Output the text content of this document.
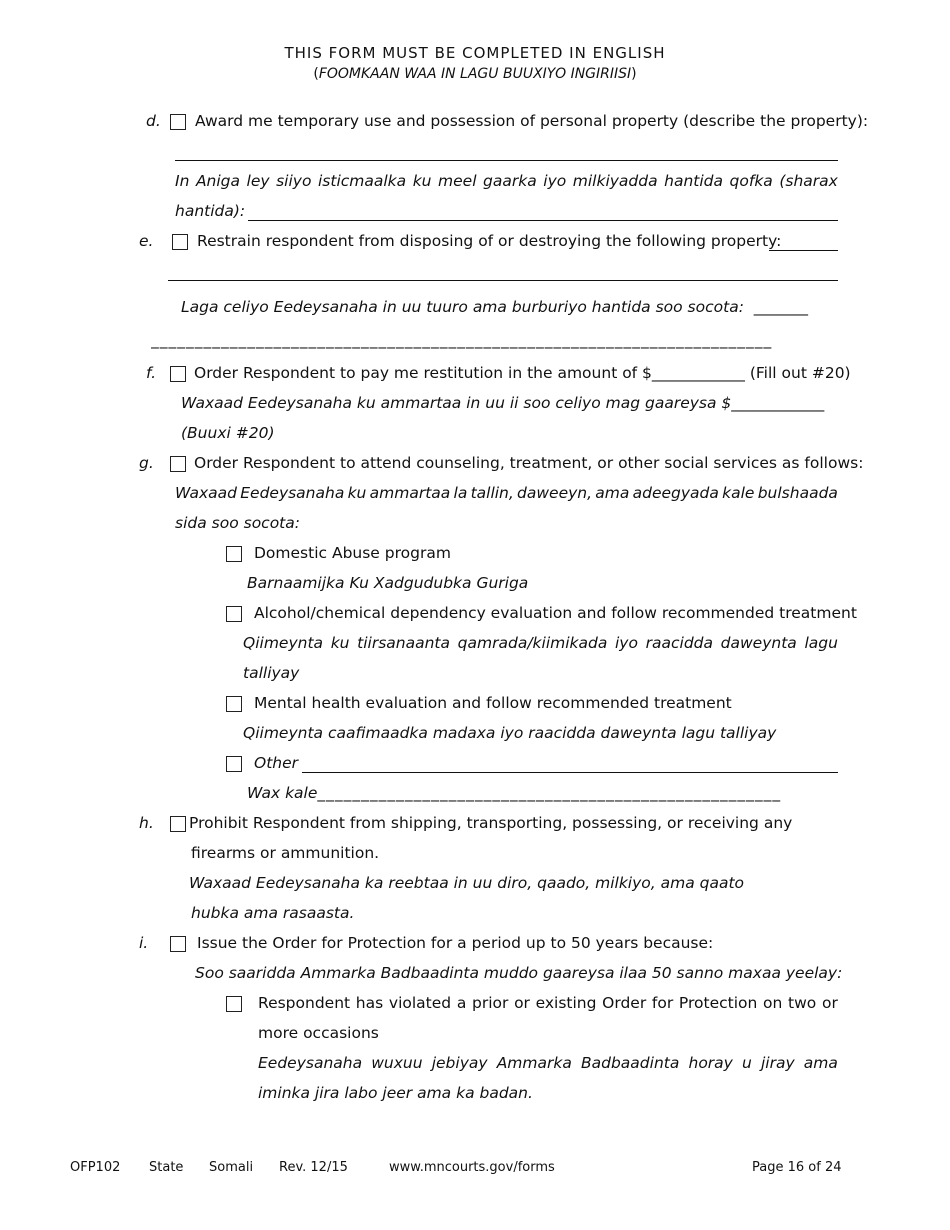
THIS FORM MUST BE COMPLETED IN ENGLISH
(FOOMKAAN WAA IN LAGU BUUXIYO INGIRIISI)
d. Award me temporary use and possession of personal property (describe the property):
In Aniga ley siiyo isticmaalka ku meel gaarka iyo milkiyadda hantida qofka (sharax
hantida):
e.	Restrain respondent from disposing of or destroying the following property:
Laga celiyo Eedeysanaha in uu tuuro ama burburiyo hantida soo socota: _______
_______________________________________________________________________
f. Order Respondent to pay me restitution in the amount of $____________ (Fill out #20)
Waxaad Eedeysanaha ku ammartaa in uu ii soo celiyo mag gaareysa $____________
(Buuxi #20)
g.	Order Respondent to attend counseling, treatment, or other social services as follows:
Waxaad Eedeysanaha ku ammartaa la tallin, daweeyn, ama adeegyada kale bulshaada
sida soo socota:
Domestic Abuse program
Barnaamijka Ku Xadgudubka Guriga
Alcohol/chemical dependency evaluation and follow recommended treatment
Qiimeynta ku tiirsanaanta qamrada/kiimikada iyo raacidda daweynta lagu
talliyay
Mental health evaluation and follow recommended treatment
Qiimeynta caafimaadka madaxa iyo raacidda daweynta lagu talliyay
Other
Wax kale_____________________________________________________
h. Prohibit Respondent from shipping, transporting, possessing, or receiving any
firearms or ammunition.
Waxaad Eedeysanaha ka reebtaa in uu diro, qaado, milkiyo, ama qaato
hubka ama rasaasta.
i.	Issue the Order for Protection for a period up to 50 years because:
Soo saaridda Ammarka Badbaadinta muddo gaareysa ilaa 50 sanno maxaa yeelay:
Respondent has violated a prior or existing Order for Protection on two or
more occasions
Eedeysanaha wuxuu jebiyay Ammarka Badbaadinta horay u jiray ama
iminka jira labo jeer ama ka badan.
OFP102 State Somali Rev. 12/15	www.mncourts.gov/forms	Page 16 of 24
